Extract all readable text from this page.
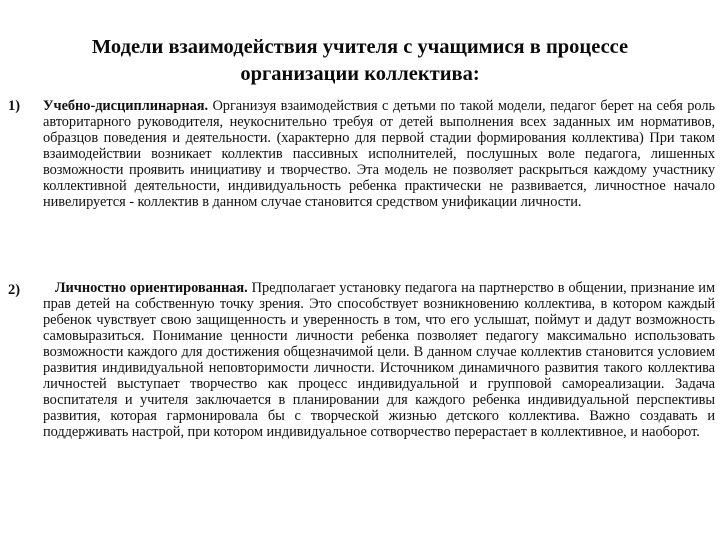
Модели взаимодействия учителя с учащимися в процессе
организации коллектива:
1) Учебно-дисциплинарная. Организуя взаимодействия с детьми по такой модели, педагог берет на себя роль авторитарного руководителя, неукоснительно требуя от детей выполнения всех заданных им нормативов, образцов поведения и деятельности. (характерно для первой стадии формирования коллектива) При таком взаимодействии возникает коллектив пассивных исполнителей, послушных воле педагога, лишенных возможности проявить инициативу и творчество. Эта модель не позволяет раскрыться каждому участнику коллективной деятельности, индивидуальность ребенка практически не развивается, личностное начало нивелируется - коллектив в данном случае становится средством унификации личности.
2) Личностно ориентированная. Предполагает установку педагога на партнерство в общении, признание им прав детей на собственную точку зрения. Это способствует возникновению коллектива, в котором каждый ребенок чувствует свою защищенность и уверенность в том, что его услышат, поймут и дадут возможность самовыразиться. Понимание ценности личности ребенка позволяет педагогу максимально использовать возможности каждого для достижения общезначимой цели. В данном случае коллектив становится условием развития индивидуальной неповторимости личности. Источником динамичного развития такого коллектива личностей выступает творчество как процесс индивидуальной и групповой самореализации. Задача воспитателя и учителя заключается в планировании для каждого ребенка индивидуальной перспективы развития, которая гармонировала бы с творческой жизнью детского коллектива. Важно создавать и поддерживать настрой, при котором индивидуальное сотворчество перерастает в коллективное, и наоборот.
